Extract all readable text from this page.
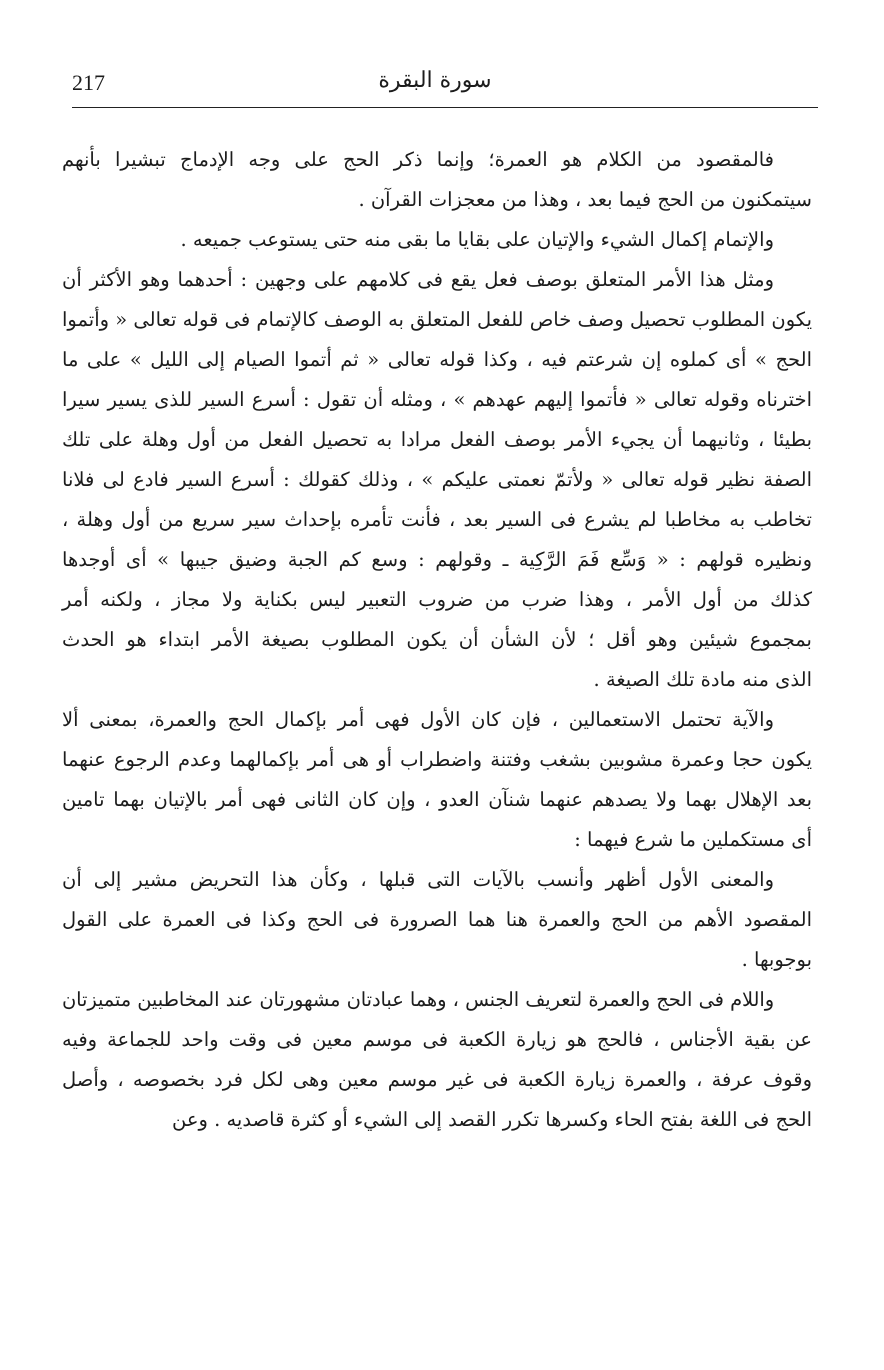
217	سورة البقرة
فالمقصود من الكلام هو العمرة؛ وإنما ذكر الحج على وجه الإدماج تبشيرا بأنهم
سيتمكنون من الحج فيما بعد ، وهذا من معجزات القرآن .
والإتمام إكمال الشيء والإتيان على بقايا ما بقى منه حتى يستوعب جميعه .
ومثل هذا الأمر المتعلق بوصف فعل يقع فى كلامهم على وجهين : أحدهما وهو الأكثر أن
يكون المطلوب تحصيل وصف خاص للفعل المتعلق به الوصف كالإتمام فى قوله تعالى « وأتموا
الحج » أى كملوه إن شرعتم فيه ، وكذا قوله تعالى « ثم أتموا الصيام إلى الليل » على ما
اخترناه وقوله تعالى « فأتموا إليهم عهدهم » ، ومثله أن تقول : أسرع السير للذى يسير سيرا
بطيئا ، وثانيهما أن يجيء الأمر بوصف الفعل مرادا به تحصيل الفعل من أول وهلة على تلك
الصفة نظير قوله تعالى « ولأتمّ نعمتى عليكم » ، وذلك كقولك : أسرع السير فادع لى فلانا
تخاطب به مخاطبا لم يشرع فى السير بعد ، فأنت تأمره بإحداث سير سريع من أول وهلة ،
ونظيره قولهم : « وَسِّع فَمَ الرَّكِية ـ وقولهم : وسع كم الجبة وضيق جيبها » أى أوجدها
كذلك من أول الأمر ، وهذا ضرب من ضروب التعبير ليس بكناية ولا مجاز ، ولكنه أمر
بمجموع شيئين وهو أقل ؛ لأن الشأن أن يكون المطلوب بصيغة الأمر ابتداء هو الحدث
الذى منه مادة تلك الصيغة .
والآية تحتمل الاستعمالين ، فإن كان الأول فهى أمر بإكمال الحج والعمرة، بمعنى ألا
يكون حجا وعمرة مشوبين بشغب وفتنة واضطراب أو هى أمر بإكمالهما وعدم الرجوع عنهما
بعد الإهلال بهما ولا يصدهم عنهما شنآن العدو ، وإن كان الثانى فهى أمر بالإتيان بهما تامين
أى مستكملين ما شرع فيهما :
والمعنى الأول أظهر وأنسب بالآيات التى قبلها ، وكأن هذا التحريض مشير إلى أن
المقصود الأهم من الحج والعمرة هنا هما الصرورة فى الحج وكذا فى العمرة على القول
بوجوبها .
واللام فى الحج والعمرة لتعريف الجنس ، وهما عبادتان مشهورتان عند المخاطبين متميزتان
عن بقية الأجناس ، فالحج هو زيارة الكعبة فى موسم معين فى وقت واحد للجماعة وفيه
وقوف عرفة ، والعمرة زيارة الكعبة فى غير موسم معين وهى لكل فرد بخصوصه ، وأصل
الحج فى اللغة بفتح الحاء وكسرها تكرر القصد إلى الشيء أو كثرة قاصديه . وعن
